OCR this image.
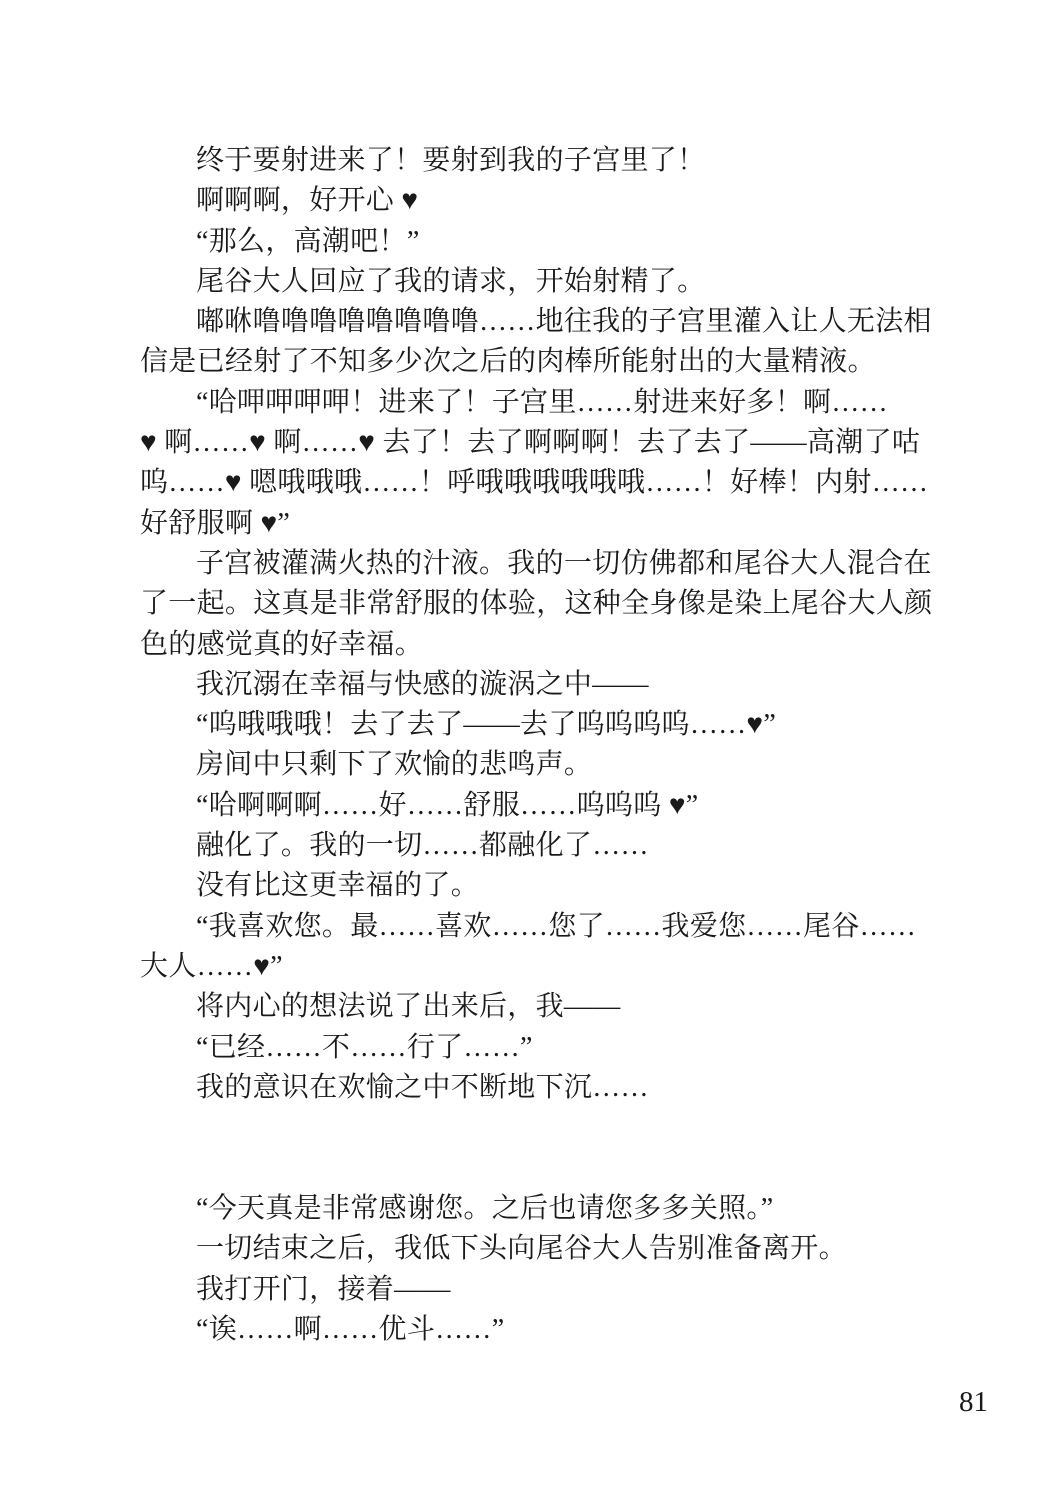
终于要射进来了！要射到我的子宫里了！
啊啊啊，好开心 ♥
“那么，高潮吧！”
尾谷大人回应了我的请求，开始射精了。
嘟咻噜噜噜噜噜噜噜噜……地往我的子宫里灌入让人无法相
信是已经射了不知多少次之后的肉棒所能射出的大量精液。
“哈呷呷呷呷！进来了！子宫里……射进来好多！啊……
♥ 啊……♥ 啊……♥ 去了！去了啊啊啊！去了去了——高潮了咕
呜……♥ 嗯哦哦哦……！呼哦哦哦哦哦哦……！好棒！内射……
好舒服啊 ♥”
子宫被灌满火热的汁液。我的一切仿佛都和尾谷大人混合在
了一起。这真是非常舒服的体验，这种全身像是染上尾谷大人颜
色的感觉真的好幸福。
我沉溺在幸福与快感的漩涡之中——
“呜哦哦哦！去了去了——去了呜呜呜呜……♥”
房间中只剩下了欢愉的悲鸣声。
“哈啊啊啊……好……舒服……呜呜呜 ♥”
融化了。我的一切……都融化了……
没有比这更幸福的了。
“我喜欢您。最……喜欢……您了……我爱您……尾谷……
大人……♥”
将内心的想法说了出来后，我——
“已经……不……行了……”
我的意识在欢愉之中不断地下沉……
“今天真是非常感谢您。之后也请您多多关照。”
一切结束之后，我低下头向尾谷大人告别准备离开。
我打开门，接着——
“诶……啊……优斗……”
81
